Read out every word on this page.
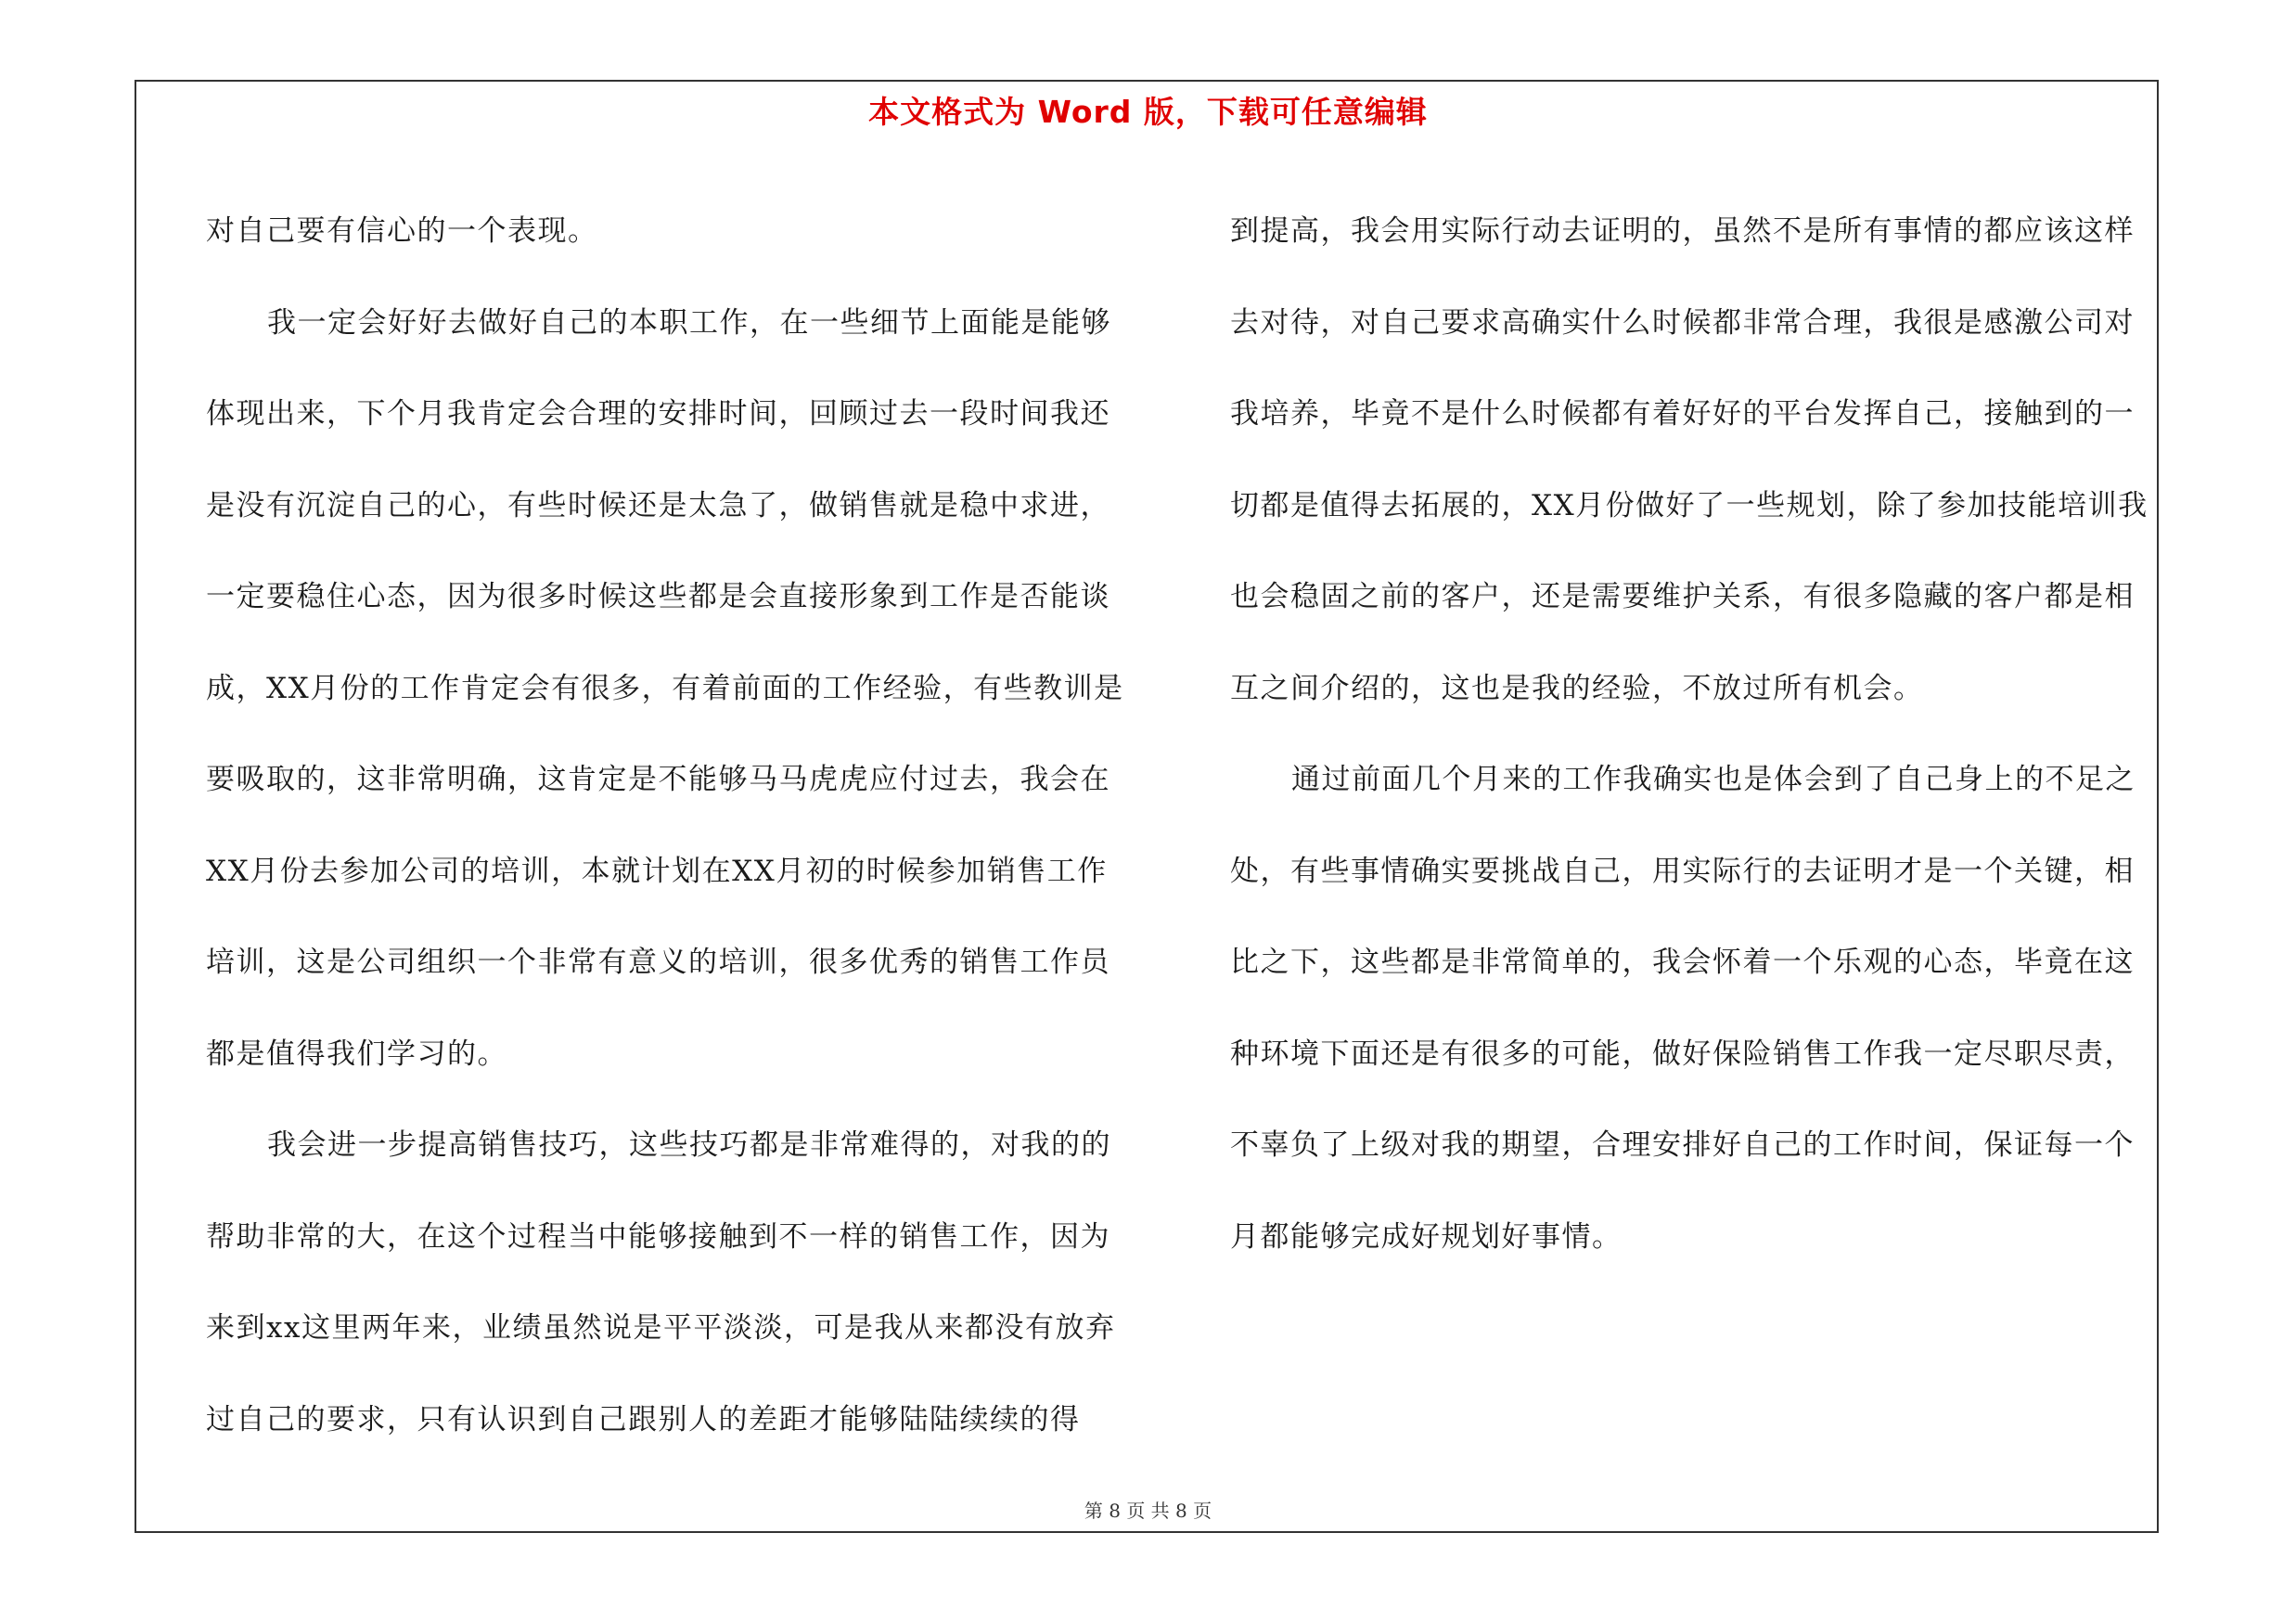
本文格式为 Word 版，下载可任意编辑

对自己要有信心的一个表现。

我一定会好好去做好自己的本职工作，在一些细节上面能是能够体现出来，下个月我肯定会合理的安排时间，回顾过去一段时间我还是没有沉淀自己的心，有些时候还是太急了，做销售就是稳中求进，一定要稳住心态，因为很多时候这些都是会直接形象到工作是否能谈成，XX月份的工作肯定会有很多，有着前面的工作经验，有些教训是要吸取的，这非常明确，这肯定是不能够马马虎虎应付过去，我会在XX月份去参加公司的培训，本就计划在XX月初的时候参加销售工作培训，这是公司组织一个非常有意义的培训，很多优秀的销售工作员都是值得我们学习的。

我会进一步提高销售技巧，这些技巧都是非常难得的，对我的的帮助非常的大，在这个过程当中能够接触到不一样的销售工作，因为来到xx这里两年来，业绩虽然说是平平淡淡，可是我从来都没有放弃过自己的要求，只有认识到自己跟别人的差距才能够陆陆续续的得

到提高，我会用实际行动去证明的，虽然不是所有事情的都应该这样去对待，对自己要求高确实什么时候都非常合理，我很是感激公司对我培养，毕竟不是什么时候都有着好好的平台发挥自己，接触到的一切都是值得去拓展的，XX月份做好了一些规划，除了参加技能培训我也会稳固之前的客户，还是需要维护关系，有很多隐藏的客户都是相互之间介绍的，这也是我的经验，不放过所有机会。

通过前面几个月来的工作我确实也是体会到了自己身上的不足之处，有些事情确实要挑战自己，用实际行的去证明才是一个关键，相比之下，这些都是非常简单的，我会怀着一个乐观的心态，毕竟在这种环境下面还是有很多的可能，做好保险销售工作我一定尽职尽责，不辜负了上级对我的期望，合理安排好自己的工作时间，保证每一个月都能够完成好规划好事情。

第 8 页 共 8 页
